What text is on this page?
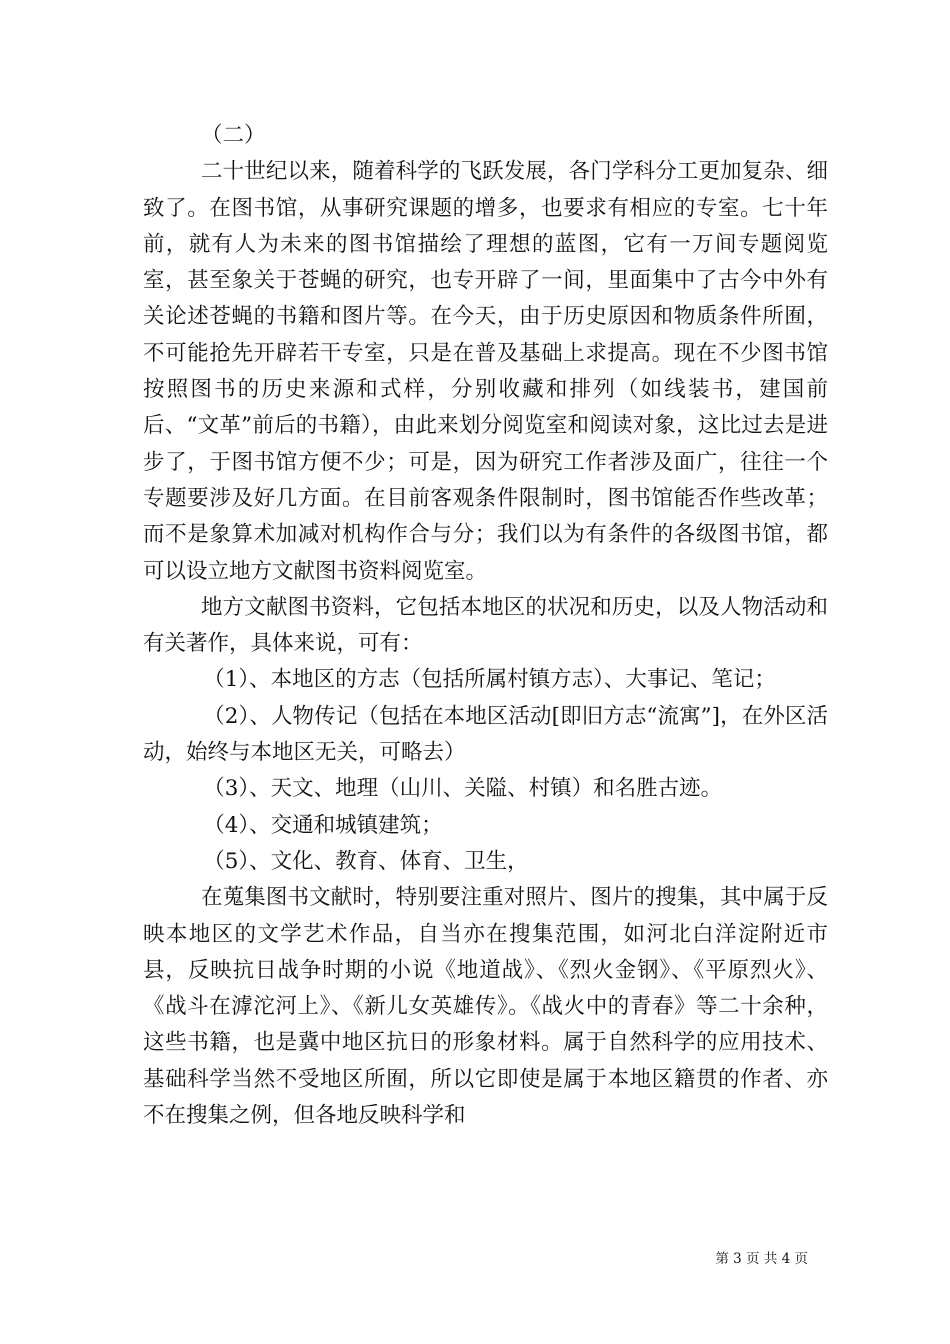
（二）

二十世纪以来，随着科学的飞跃发展，各门学科分工更加复杂、细致了。在图书馆，从事研究课题的增多，也要求有相应的专室。七十年前，就有人为未来的图书馆描绘了理想的蓝图，它有一万间专题阅览室，甚至象关于苍蝇的研究，也专开辟了一间，里面集中了古今中外有关论述苍蝇的书籍和图片等。在今天，由于历史原因和物质条件所囿，不可能抢先开辟若干专室，只是在普及基础上求提高。现在不少图书馆按照图书的历史来源和式样，分别收藏和排列（如线装书，建国前后、“文革”前后的书籍），由此来划分阅览室和阅读对象，这比过去是进步了，于图书馆方便不少；可是，因为研究工作者涉及面广，往往一个专题要涉及好几方面。在目前客观条件限制时，图书馆能否作些改革；而不是象算术加减对机构作合与分；我们以为有条件的各级图书馆，都可以设立地方文献图书资料阅览室。

地方文献图书资料，它包括本地区的状况和历史，以及人物活动和有关著作，具体来说，可有：

（1）、本地区的方志（包括所属村镇方志）、大事记、笔记；

（2）、人物传记（包括在本地区活动[即旧方志“流寓”]，在外区活动，始终与本地区无关，可略去）

（3）、天文、地理（山川、关隘、村镇）和名胜古迹。

（4）、交通和城镇建筑；

（5）、文化、教育、体育、卫生，

在蒐集图书文献时，特别要注重对照片、图片的搜集，其中属于反映本地区的文学艺术作品，自当亦在搜集范围，如河北白洋淀附近市县，反映抗日战争时期的小说《地道战》、《烈火金钢》、《平原烈火》、《战斗在滹沱河上》、《新儿女英雄传》。《战火中的青春》等二十余种，这些书籍，也是冀中地区抗日的形象材料。属于自然科学的应用技术、基础科学当然不受地区所囿，所以它即使是属于本地区籍贯的作者、亦不在搜集之例，但各地反映科学和

第 3 页 共 4 页
